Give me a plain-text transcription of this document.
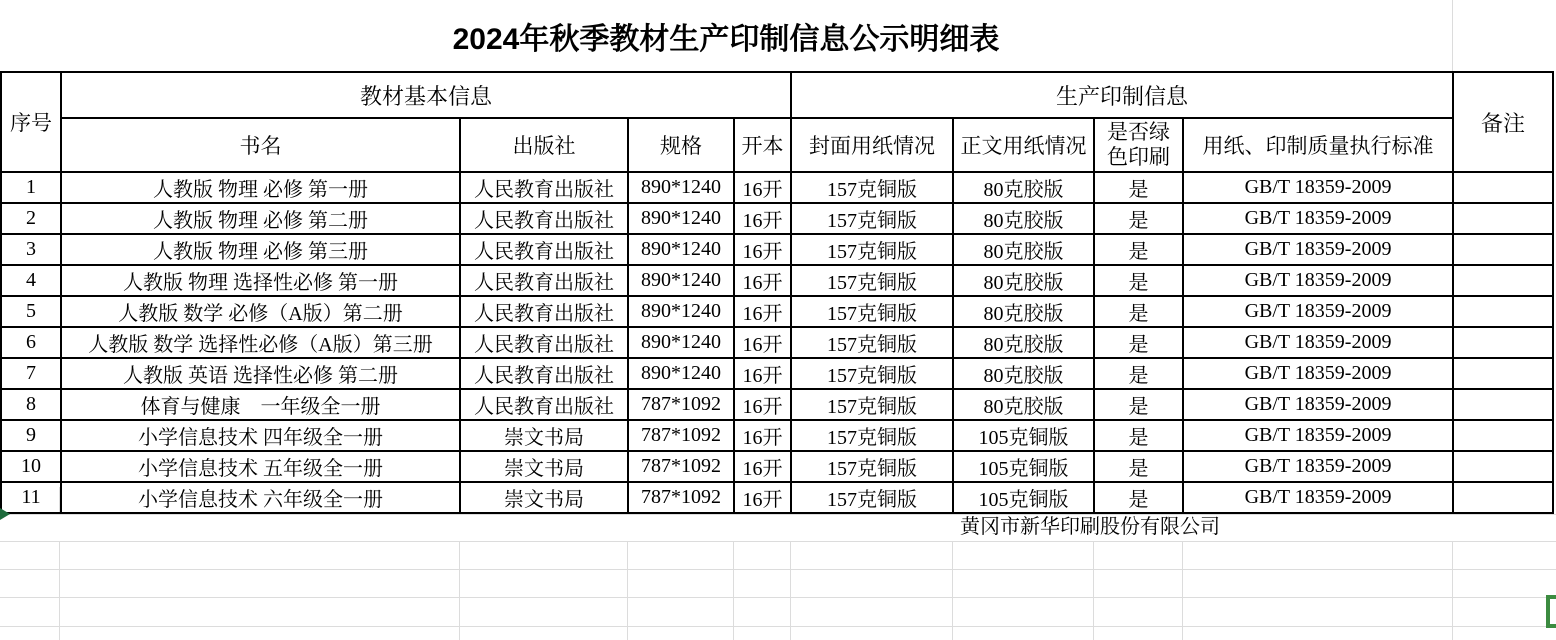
2024年秋季教材生产印制信息公示明细表
序号	教材基本信息				生产印制信息				备注
	书名	出版社	规格	开本	封面用纸情况	正文用纸情况	是否绿色印刷	用纸、印制质量执行标准	
1	人教版 物理 必修 第一册	人民教育出版社	890*1240	16开	157克铜版	80克胶版	是	GB/T 18359-2009	
2	人教版 物理 必修 第二册	人民教育出版社	890*1240	16开	157克铜版	80克胶版	是	GB/T 18359-2009	
3	人教版 物理 必修 第三册	人民教育出版社	890*1240	16开	157克铜版	80克胶版	是	GB/T 18359-2009	
4	人教版 物理 选择性必修 第一册	人民教育出版社	890*1240	16开	157克铜版	80克胶版	是	GB/T 18359-2009	
5	人教版 数学 必修（A版）第二册	人民教育出版社	890*1240	16开	157克铜版	80克胶版	是	GB/T 18359-2009	
6	人教版 数学 选择性必修（A版）第三册	人民教育出版社	890*1240	16开	157克铜版	80克胶版	是	GB/T 18359-2009	
7	人教版 英语 选择性必修 第二册	人民教育出版社	890*1240	16开	157克铜版	80克胶版	是	GB/T 18359-2009	
8	体育与健康　一年级全一册	人民教育出版社	787*1092	16开	157克铜版	80克胶版	是	GB/T 18359-2009	
9	小学信息技术 四年级全一册	崇文书局	787*1092	16开	157克铜版	105克铜版	是	GB/T 18359-2009	
10	小学信息技术 五年级全一册	崇文书局	787*1092	16开	157克铜版	105克铜版	是	GB/T 18359-2009	
11	小学信息技术 六年级全一册	崇文书局	787*1092	16开	157克铜版	105克铜版	是	GB/T 18359-2009	
黄冈市新华印刷股份有限公司
